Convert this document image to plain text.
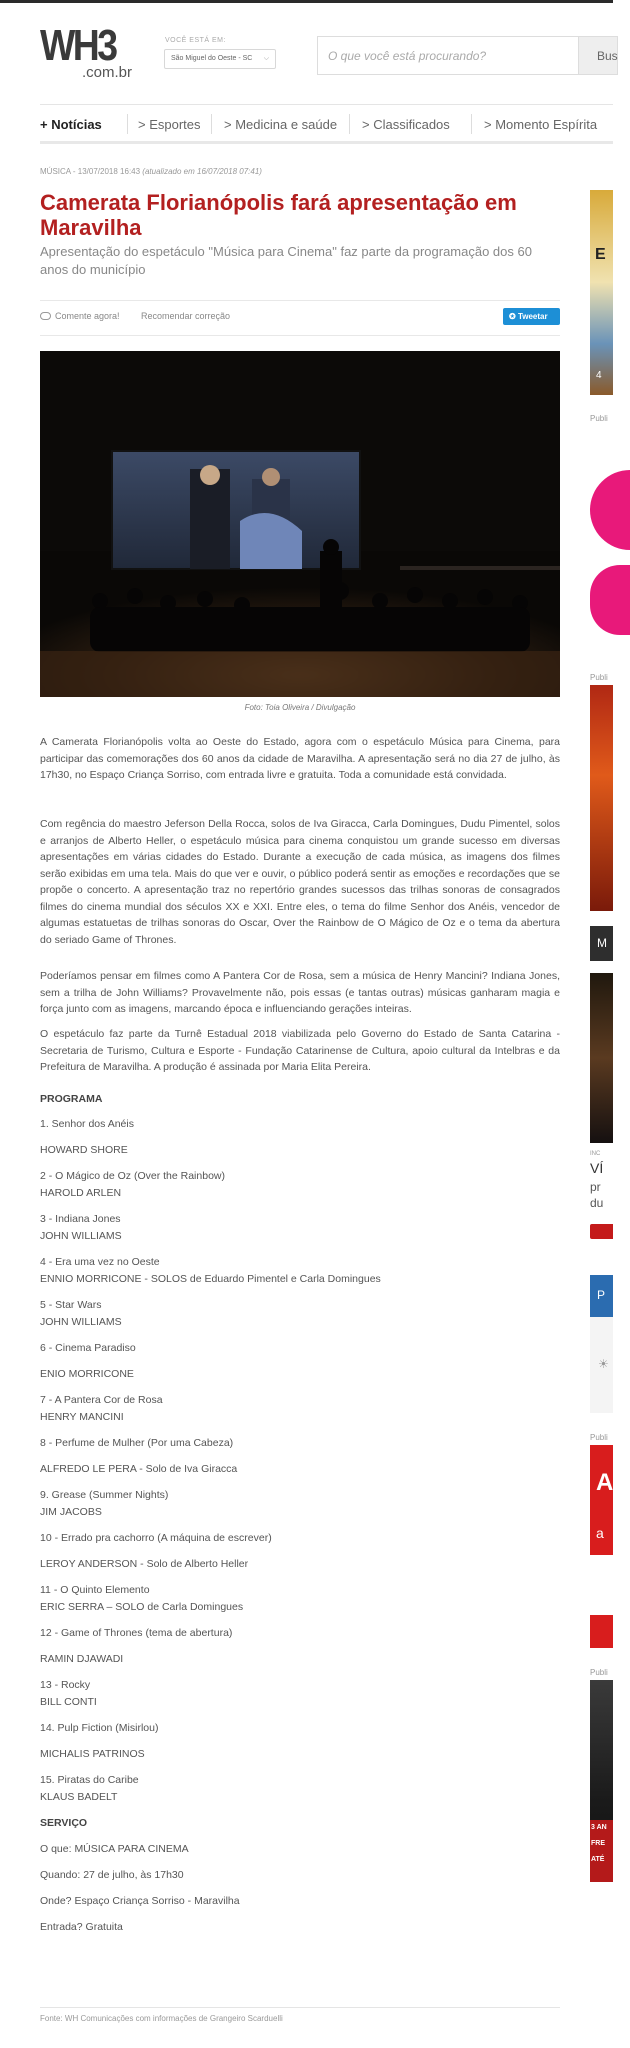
WH3
.com.br
VOCÊ ESTÁ EM:
São Miguel do Oeste - SC ⌵	O que você está procurando?	Bus
+ Notícias	> Esportes > Medicina e saúde > Classificados	> Momento Espírita
MÚSICA - 13/07/2018 16:43 (atualizado em 16/07/2018 07:41)
Camerata Florianópolis fará apresentação em Maravilha
Apresentação do espetáculo "Música para Cinema" faz parte da programação dos 60 anos do município
Comente agora! Recomendar correção	✪ Tweetar
Foto: Toia Oliveira / Divulgação

A Camerata Florianópolis volta ao Oeste do Estado, agora com o espetáculo Música para Cinema, para participar das comemorações dos 60 anos da cidade de Maravilha. A apresentação será no dia 27 de julho, às 17h30, no Espaço Criança Sorriso, com entrada livre e gratuita. Toda a comunidade está convidada.

Com regência do maestro Jeferson Della Rocca, solos de Iva Giracca, Carla Domingues, Dudu Pimentel, solos e arranjos de Alberto Heller, o espetáculo música para cinema conquistou um grande sucesso em diversas apresentações em várias cidades do Estado. Durante a execução de cada música, as imagens dos filmes serão exibidas em uma tela. Mais do que ver e ouvir, o público poderá sentir as emoções e recordações que se propõe o concerto. A apresentação traz no repertório grandes sucessos das trilhas sonoras de consagrados filmes do cinema mundial dos séculos XX e XXI. Entre eles, o tema do filme Senhor dos Anéis, vencedor de algumas estatuetas de trilhas sonoras do Oscar, Over the Rainbow de O Mágico de Oz e o tema da abertura do seriado Game of Thrones.

Poderíamos pensar em filmes como A Pantera Cor de Rosa, sem a música de Henry Mancini? Indiana Jones, sem a trilha de John Williams? Provavelmente não, pois essas (e tantas outras) músicas ganharam magia e força junto com as imagens, marcando época e influenciando gerações inteiras.

O espetáculo faz parte da Turnê Estadual 2018 viabilizada pelo Governo do Estado de Santa Catarina - Secretaria de Turismo, Cultura e Esporte - Fundação Catarinense de Cultura, apoio cultural da Intelbras e da Prefeitura de Maravilha. A produção é assinada por Maria Elita Pereira.

PROGRAMA
1. Senhor dos Anéis
HOWARD SHORE
2 - O Mágico de Oz (Over the Rainbow)
HAROLD ARLEN
3 - Indiana Jones
JOHN WILLIAMS
4 - Era uma vez no Oeste
ENNIO MORRICONE - SOLOS de Eduardo Pimentel e Carla Domingues
5 - Star Wars
JOHN WILLIAMS
6 - Cinema Paradiso
ENIO MORRICONE
7 - A Pantera Cor de Rosa
HENRY MANCINI
8 - Perfume de Mulher (Por uma Cabeza)
ALFREDO LE PERA - Solo de Iva Giracca
9. Grease (Summer Nights)
JIM JACOBS
10 - Errado pra cachorro (A máquina de escrever)
LEROY ANDERSON - Solo de Alberto Heller
11 - O Quinto Elemento
ERIC SERRA – SOLO de Carla Domingues
12 - Game of Thrones (tema de abertura)
RAMIN DJAWADI
13 - Rocky
BILL CONTI
14. Pulp Fiction (Misirlou)
MICHALIS PATRINOS
15. Piratas do Caribe
KLAUS BADELT
SERVIÇO
O que: MÚSICA PARA CINEMA
Quando: 27 de julho, às 17h30
Onde? Espaço Criança Sorriso - Maravilha
Entrada? Gratuita
Fonte: WH Comunicações com informações de Grangeiro Scarduelli
E
4
Publi
Publi
M
INC
VÍ
pr
du
P
☀
Publi
A
a
Publi
3 AN
FRE
ATÉ
